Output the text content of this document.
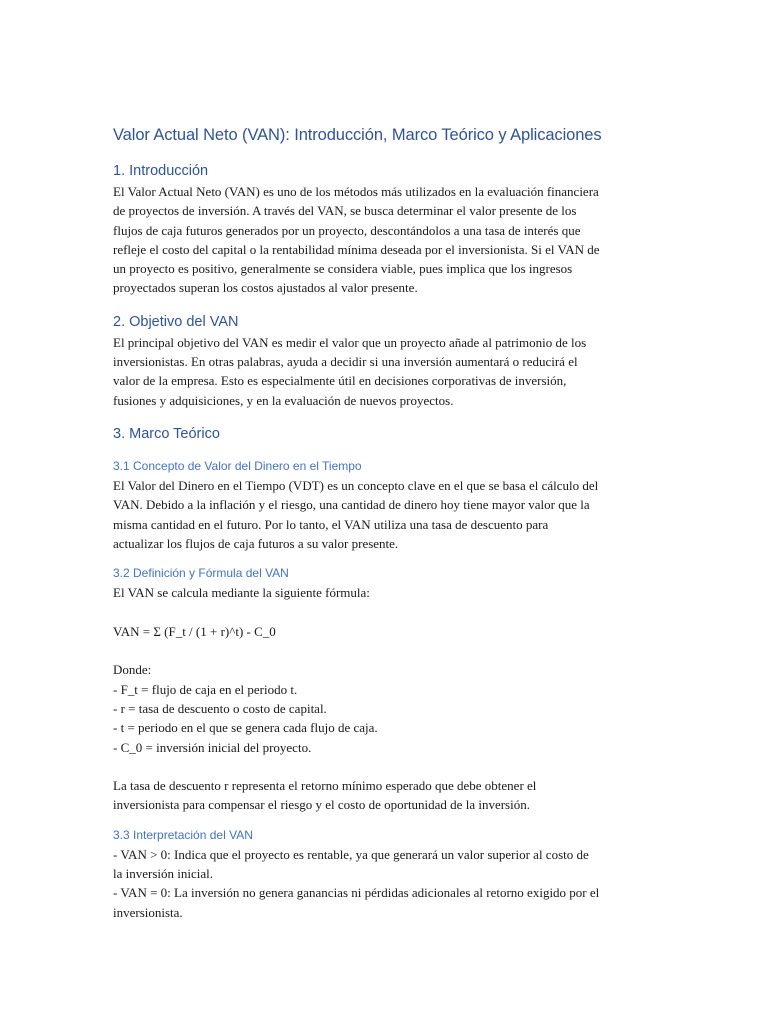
Valor Actual Neto (VAN): Introducción, Marco Teórico y Aplicaciones
1. Introducción

El Valor Actual Neto (VAN) es uno de los métodos más utilizados en la evaluación financiera
de proyectos de inversión. A través del VAN, se busca determinar el valor presente de los
flujos de caja futuros generados por un proyecto, descontándolos a una tasa de interés que
refleje el costo del capital o la rentabilidad mínima deseada por el inversionista. Si el VAN de
un proyecto es positivo, generalmente se considera viable, pues implica que los ingresos
proyectados superan los costos ajustados al valor presente.

2. Objetivo del VAN

El principal objetivo del VAN es medir el valor que un proyecto añade al patrimonio de los
inversionistas. En otras palabras, ayuda a decidir si una inversión aumentará o reducirá el
valor de la empresa. Esto es especialmente útil en decisiones corporativas de inversión,
fusiones y adquisiciones, y en la evaluación de nuevos proyectos.

3. Marco Teórico
3.1 Concepto de Valor del Dinero en el Tiempo

El Valor del Dinero en el Tiempo (VDT) es un concepto clave en el que se basa el cálculo del
VAN. Debido a la inflación y el riesgo, una cantidad de dinero hoy tiene mayor valor que la
misma cantidad en el futuro. Por lo tanto, el VAN utiliza una tasa de descuento para
actualizar los flujos de caja futuros a su valor presente.

3.2 Definición y Fórmula del VAN

El VAN se calcula mediante la siguiente fórmula:

VAN = Σ (F_t / (1 + r)^t) - C_0

Donde:
- F_t = flujo de caja en el periodo t.
- r = tasa de descuento o costo de capital.
- t = periodo en el que se genera cada flujo de caja.
- C_0 = inversión inicial del proyecto.

La tasa de descuento r representa el retorno mínimo esperado que debe obtener el
inversionista para compensar el riesgo y el costo de oportunidad de la inversión.

3.3 Interpretación del VAN

- VAN > 0: Indica que el proyecto es rentable, ya que generará un valor superior al costo de
la inversión inicial.
- VAN = 0: La inversión no genera ganancias ni pérdidas adicionales al retorno exigido por el
inversionista.
